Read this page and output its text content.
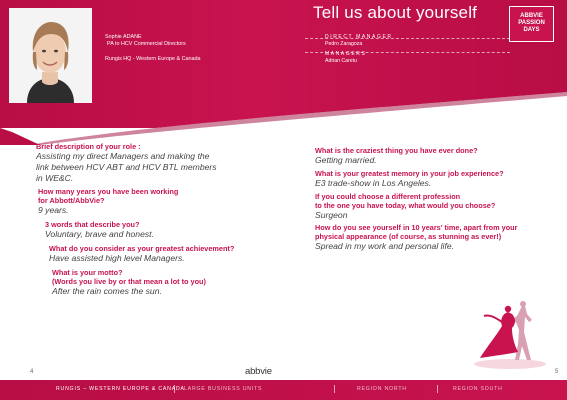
Tell us about yourself	ABBVIE
PASSION
DAYS
Sophie ADANE
PA to HCV Commercial Directors
Rungis HQ - Western Europe & Canada
DIRECT MANAGER
Pedro Zaragoza
MANAGERS
Adrian Caretu
Brief description of your role :
Assisting my direct Managers and making the
link between HCV ABT and HCV BTL members
in WE&C.
How many years you have been working
for Abbott/AbbVie?
9 years.
3 words that describe you?
Voluntary, brave and honest.
What do you consider as your greatest achievement?
Have assisted high level Managers.
What is your motto?
(Words you live by or that mean a lot to you)
After the rain comes the sun.
What is the craziest thing you have ever done?
Getting married.
What is your greatest memory in your job experience?
E3 trade-show in Los Angeles.
If you could choose a different profession
to the one you have today, what would you choose?
Surgeon
How do you see yourself in 10 years' time, apart from your
physical appearance (of course, as stunning as ever!)
Spread in my work and personal life.
4	abbvie	5
RUNGIS – WESTERN EUROPE & CANADA LARGE BUSINESS UNITS	REGION NORTH	REGION SOUTH
